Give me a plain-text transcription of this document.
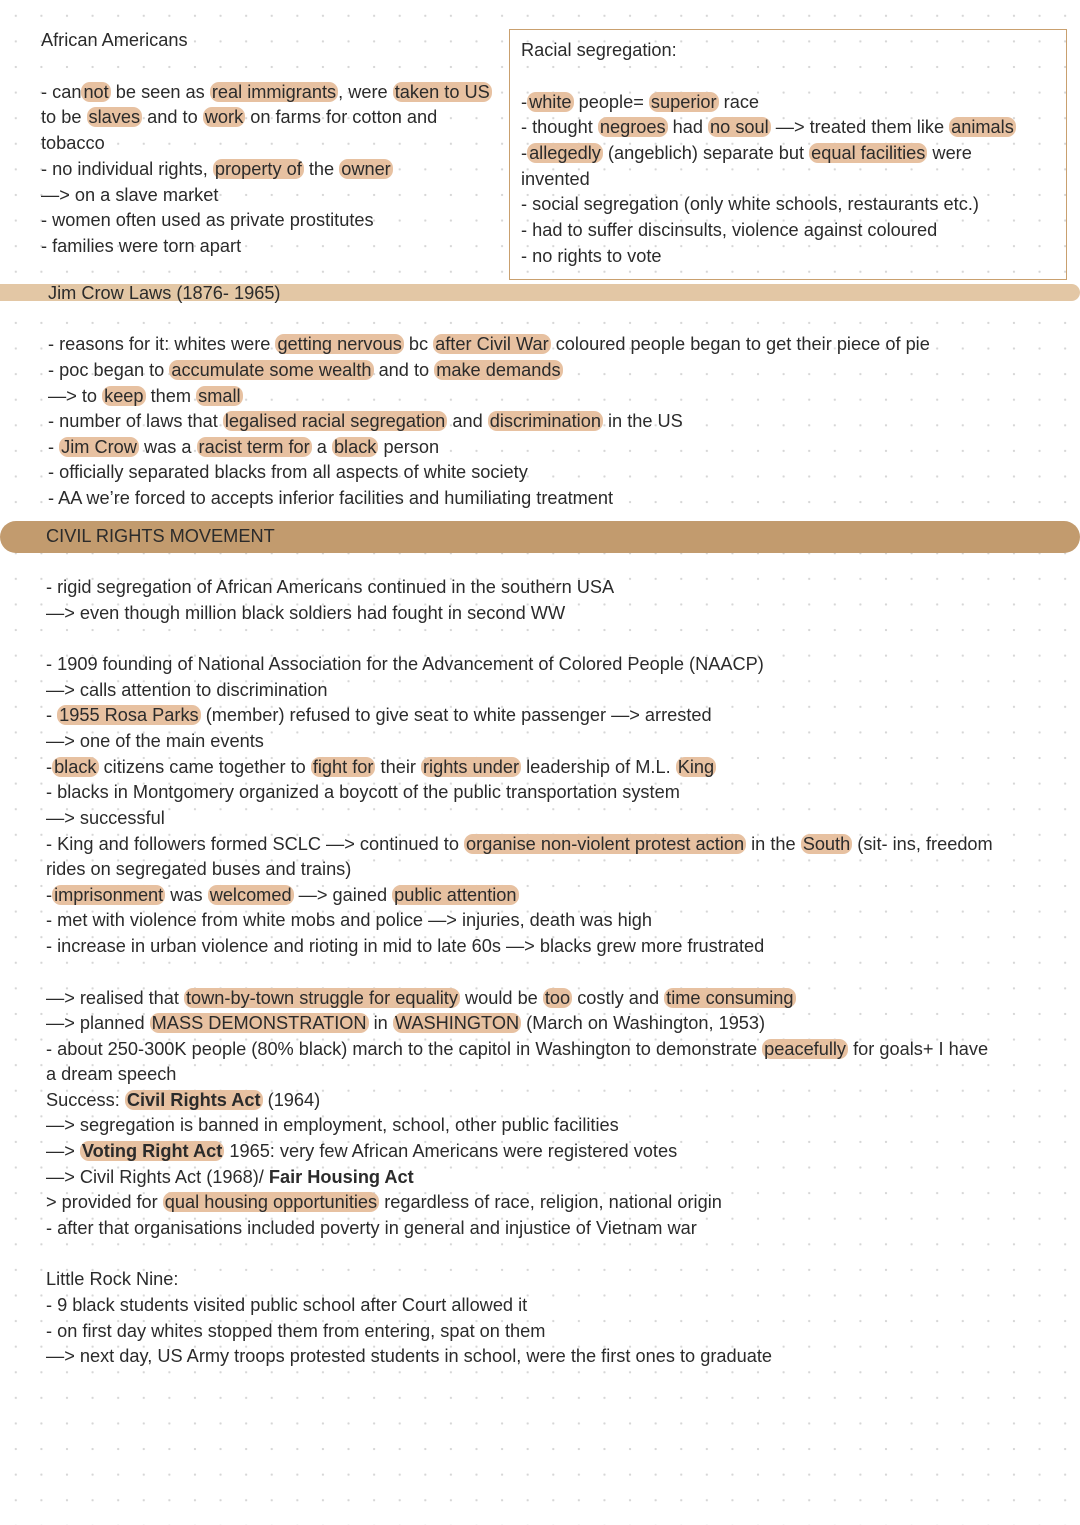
African Americans
- can not be seen as real immigrants , were taken to US
to be slaves and to work on farms for cotton and
tobacco
- no individual rights, property of the owner
—> on a slave market
- women often used as private prostitutes
- families were torn apart
Racial segregation:
- white people= superior race
- thought negroes had no soul —> treated them like animals
- allegedly (angeblich) separate but equal facilities were
invented
- social segregation (only white schools, restaurants etc.)
- had to suffer discinsults, violence against coloured
- no rights to vote
Jim Crow Laws (1876- 1965)
- reasons for it: whites were getting nervous bc after Civil War coloured people began to get their piece of pie
- poc began to accumulate some wealth and to make demands
—> to keep them small
- number of laws that legalised racial segregation and discrimination in the US
- Jim Crow was a racist term for a black person
- officially separated blacks from all aspects of white society
- AA we’re forced to accepts inferior facilities and humiliating treatment
CIVIL RIGHTS MOVEMENT
- rigid segregation of African Americans continued in the southern USA
—> even though million black soldiers had fought in second WW
- 1909 founding of National Association for the Advancement of Colored People (NAACP)
—> calls attention to discrimination
- 1955 Rosa Parks (member) refused to give seat to white passenger —> arrested
—> one of the main events
- black citizens came together to fight for their rights under leadership of M.L. King
- blacks in Montgomery organized a boycott of the public transportation system
—> successful
- King and followers formed SCLC —> continued to organise non-violent protest action in the South (sit- ins, freedom
rides on segregated buses and trains)
- imprisonment was welcomed —> gained public attention
- met with violence from white mobs and police —> injuries, death was high
- increase in urban violence and rioting in mid to late 60s —> blacks grew more frustrated
—> realised that town-by-town struggle for equality would be too costly and time consuming
—> planned MASS DEMONSTRATION in WASHINGTON (March on Washington, 1953)
- about 250-300K people (80% black) march to the capitol in Washington to demonstrate peacefully for goals+ I have
a dream speech
Success: Civil Rights Act (1964)
—> segregation is banned in employment, school, other public facilities
—> Voting Right Act 1965: very few African Americans were registered votes
—> Civil Rights Act (1968)/ Fair Housing Act
> provided for qual housing opportunities regardless of race, religion, national origin
- after that organisations included poverty in general and injustice of Vietnam war
Little Rock Nine:
- 9 black students visited public school after Court allowed it
- on first day whites stopped them from entering, spat on them
—> next day, US Army troops protested students in school, were the first ones to graduate
